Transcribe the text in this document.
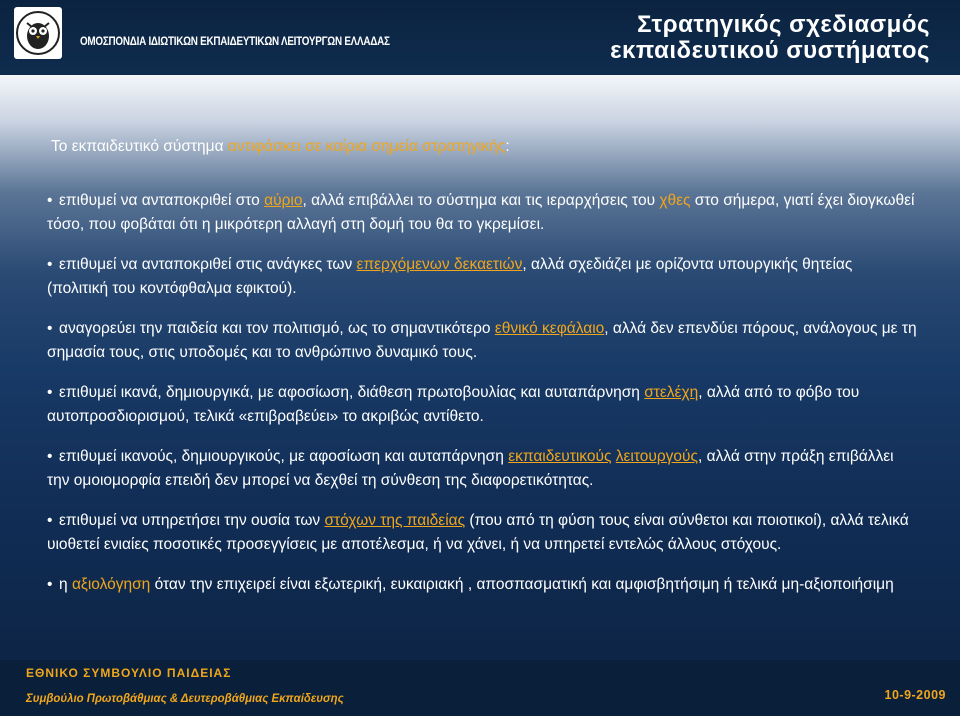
ΟΜΟΣΠΟΝΔΙΑ ΙΔΙΩΤΙΚΩΝ ΕΚΠΑΙΔΕΥΤΙΚΩΝ ΛΕΙΤΟΥΡΓΩΝ ΕΛΛΑΔΑΣ
Στρατηγικός σχεδιασμός
εκπαιδευτικού συστήματος
Το εκπαιδευτικό σύστημα αντιφάσκει σε καίρια σημεία στρατηγικής:
• επιθυμεί να ανταποκριθεί στο αύριο, αλλά επιβάλλει το σύστημα και τις ιεραρχήσεις του χθες στο σήμερα, γιατί έχει διογκωθεί τόσο, που φοβάται ότι η μικρότερη αλλαγή στη δομή του θα το γκρεμίσει.
• επιθυμεί να ανταποκριθεί στις ανάγκες των επερχόμενων δεκαετιών, αλλά σχεδιάζει με ορίζοντα υπουργικής θητείας (πολιτική του κοντόφθαλμα εφικτού).
• αναγορεύει την παιδεία και τον πολιτισμό, ως το σημαντικότερο εθνικό κεφάλαιο, αλλά δεν επενδύει πόρους, ανάλογους με τη σημασία τους, στις υποδομές και το ανθρώπινο δυναμικό τους.
• επιθυμεί ικανά, δημιουργικά, με αφοσίωση, διάθεση πρωτοβουλίας και αυταπάρνηση στελέχη, αλλά από το φόβο του αυτοπροσδιορισμού, τελικά «επιβραβεύει» το ακριβώς αντίθετο.
• επιθυμεί ικανούς, δημιουργικούς, με αφοσίωση και αυταπάρνηση εκπαιδευτικούς λειτουργούς, αλλά στην πράξη επιβάλλει την ομοιομορφία επειδή δεν μπορεί να δεχθεί τη σύνθεση της διαφορετικότητας.
• επιθυμεί να υπηρετήσει την ουσία των στόχων της παιδείας (που από τη φύση τους είναι σύνθετοι και ποιοτικοί), αλλά τελικά υιοθετεί ενιαίες ποσοτικές προσεγγίσεις με αποτέλεσμα, ή να χάνει, ή να υπηρετεί εντελώς άλλους στόχους.
• η αξιολόγηση όταν την επιχειρεί είναι εξωτερική, ευκαιριακή , αποσπασματική και αμφισβητήσιμη ή τελικά μη-αξιοποιήσιμη
ΕΘΝΙΚΟ ΣΥΜΒΟΥΛΙΟ ΠΑΙΔΕΙΑΣ
Συμβούλιο Πρωτοβάθμιας & Δευτεροβάθμιας Εκπαίδευσης	10-9-2009
